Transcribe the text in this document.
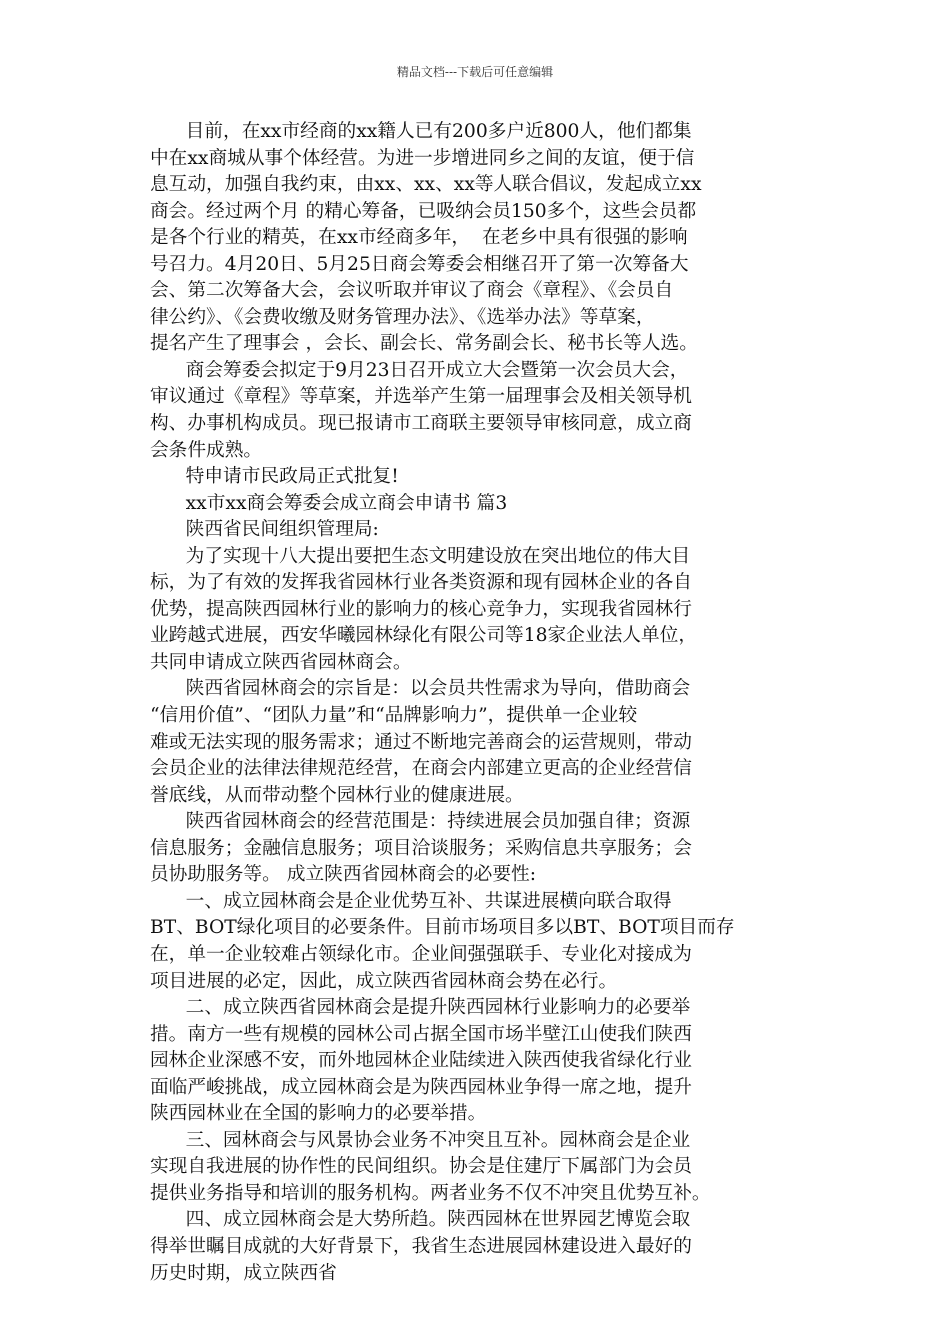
精品文档---下载后可任意编辑
目前，在xx市经商的xx籍人已有200多户近800人，他们都集
中在xx商城从事个体经营。为进一步增进同乡之间的友谊，便于信
息互动，加强自我约束，由xx、xx、xx等人联合倡议，发起成立xx
商会。经过两个月 的精心筹备，已吸纳会员150多个，这些会员都
是各个行业的精英，在xx市经商多年，  在老乡中具有很强的影响
号召力。4月20日、5月25日商会筹委会相继召开了第一次筹备大
会、第二次筹备大会，会议听取并审议了商会《章程》、《会员自
律公约》、《会费收缴及财务管理办法》、《选举办法》等草案，
提名产生了理事会 ，会长、副会长、常务副会长、秘书长等人选。
商会筹委会拟定于9月23日召开成立大会暨第一次会员大会，
审议通过《章程》等草案，并选举产生第一届理事会及相关领导机
构、办事机构成员。现已报请市工商联主要领导审核同意，成立商
会条件成熟。
特申请市民政局正式批复!
xx市xx商会筹委会成立商会申请书 篇3
陕西省民间组织管理局:
为了实现十八大提出要把生态文明建设放在突出地位的伟大目
标，为了有效的发挥我省园林行业各类资源和现有园林企业的各自
优势，提高陕西园林行业的影响力的核心竞争力，实现我省园林行
业跨越式进展，西安华曦园林绿化有限公司等18家企业法人单位，
共同申请成立陕西省园林商会。
陕西省园林商会的宗旨是：以会员共性需求为导向，借助商会
“信用价值”、“团队力量”和“品牌影响力”，提供单一企业较
难或无法实现的服务需求；通过不断地完善商会的运营规则，带动
会员企业的法律法律规范经营，在商会内部建立更高的企业经营信
誉底线，从而带动整个园林行业的健康进展。
陕西省园林商会的经营范围是：持续进展会员加强自律；资源
信息服务；金融信息服务；项目洽谈服务；采购信息共享服务；会
员协助服务等。 成立陕西省园林商会的必要性:
一、成立园林商会是企业优势互补、共谋进展横向联合取得
BT、BOT绿化项目的必要条件。目前市场项目多以BT、BOT项目而存
在，单一企业较难占领绿化市。企业间强强联手、专业化对接成为
项目进展的必定，因此，成立陕西省园林商会势在必行。
二、成立陕西省园林商会是提升陕西园林行业影响力的必要举
措。南方一些有规模的园林公司占据全国市场半壁江山使我们陕西
园林企业深感不安，而外地园林企业陆续进入陕西使我省绿化行业
面临严峻挑战，成立园林商会是为陕西园林业争得一席之地，提升
陕西园林业在全国的影响力的必要举措。
三、园林商会与风景协会业务不冲突且互补。园林商会是企业
实现自我进展的协作性的民间组织。协会是住建厅下属部门为会员
提供业务指导和培训的服务机构。两者业务不仅不冲突且优势互补。
四、成立园林商会是大势所趋。陕西园林在世界园艺博览会取
得举世瞩目成就的大好背景下，我省生态进展园林建设进入最好的
历史时期，成立陕西省
